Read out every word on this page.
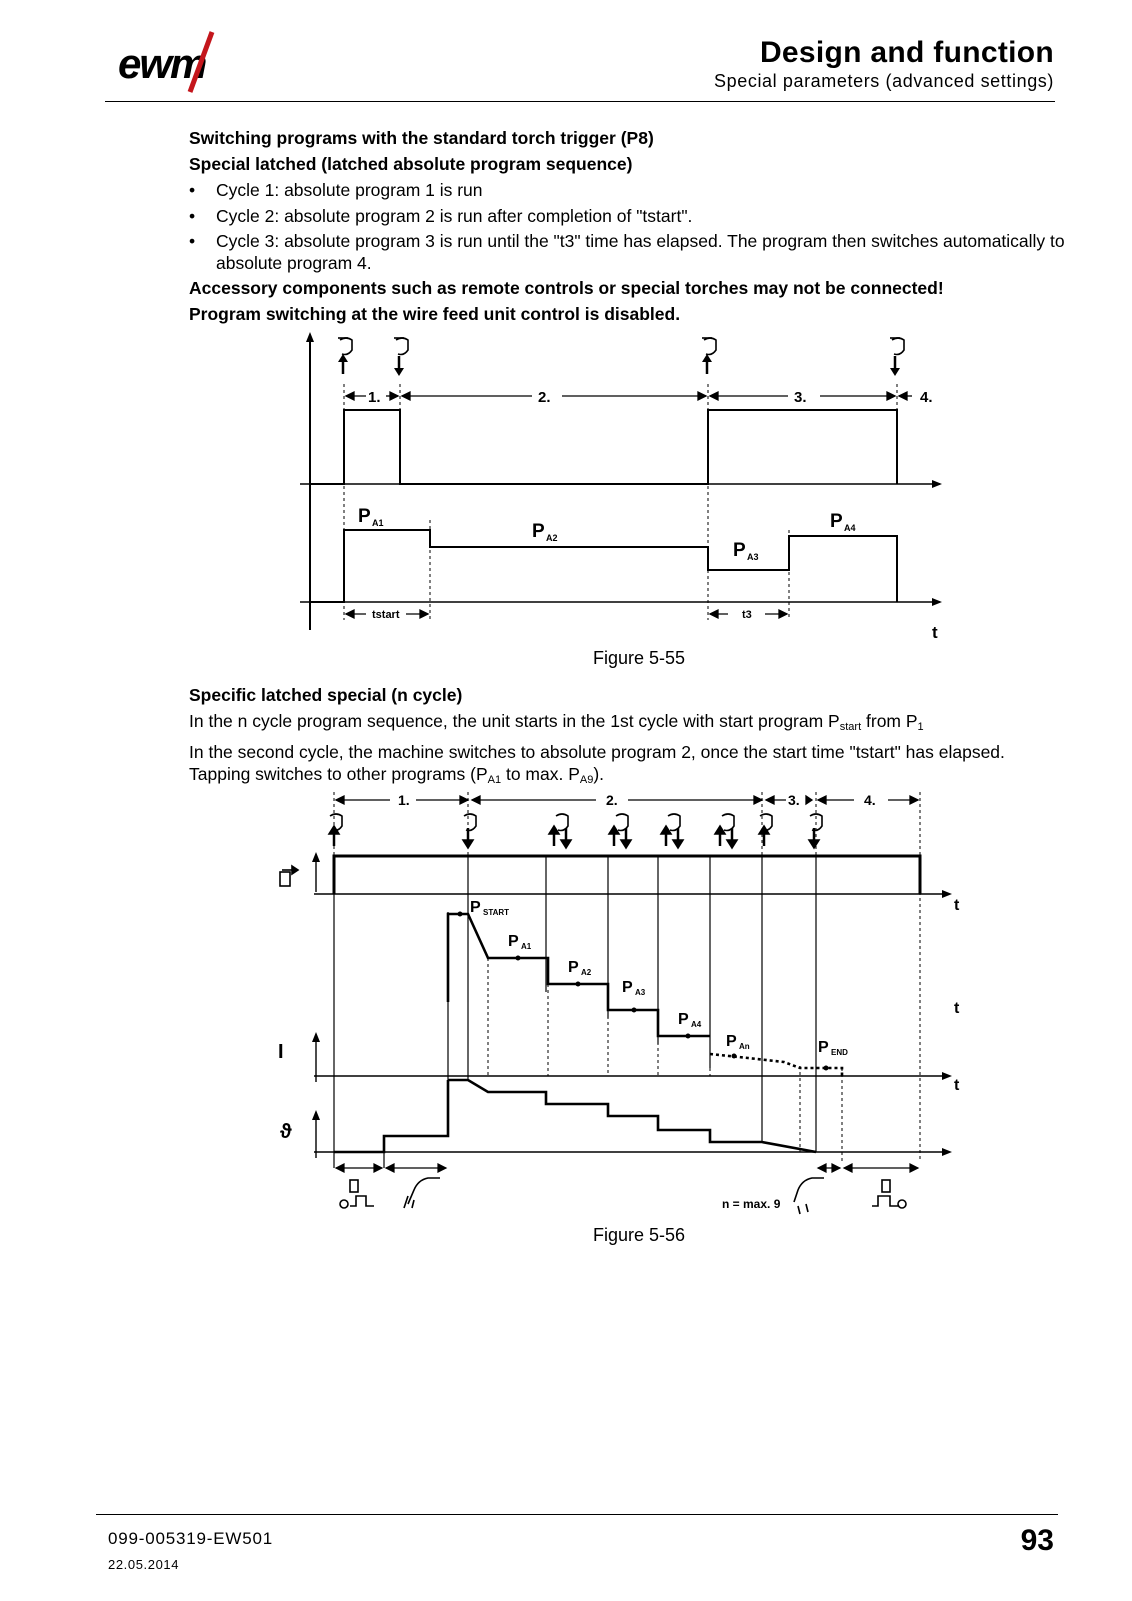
ewm	Design and function
Special parameters (advanced settings)
Switching programs with the standard torch trigger (P8)
Special latched (latched absolute program sequence)
• Cycle 1: absolute program 1 is run
• Cycle 2: absolute program 2 is run after completion of "tstart".
• Cycle 3: absolute program 3 is run until the "t3" time has elapsed. The program then switches automatically to absolute program 4.
Accessory components such as remote controls or special torches may not be connected!
Program switching at the wire feed unit control is disabled.
1.	2.	3.	4.
P A1	P A2
P A3
P A4
tstart	t3
t
Figure 5-55
Specific latched special (n cycle)
In the n cycle program sequence, the unit starts in the 1st cycle with start program $P_{start}$ from $P_1$
In the second cycle, the machine switches to absolute program 2, once the start time "tstart" has elapsed.
Tapping switches to other programs ($P_{A1}$ to max. $P_{A9}$).
1.	2.	3.	4.
t
t
P START
P A1
P A2
P A3
P A4
P An	P END
I
t
ϑ
n = max. 9
Figure 5-56
099-005319-EW501
22.05.2014
93
